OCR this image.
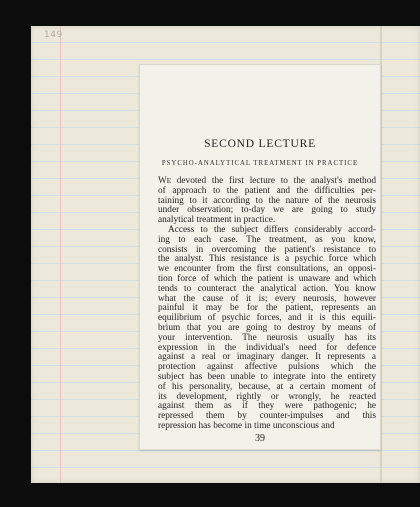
149
SECOND LECTURE
PSYCHO-ANALYTICAL TREATMENT IN PRACTICE
We devoted the first lecture to the analyst's method
of approach to the patient and the difficulties per-
taining to it according to the nature of the neurosis
under observation; to-day we are going to study
analytical treatment in practice.
Access to the subject differs considerably accord-
ing to each case. The treatment, as you know,
consists in overcoming the patient's resistance to
the analyst. This resistance is a psychic force which
we encounter from the first consultations, an opposi-
tion force of which the patient is unaware and which
tends to counteract the analytical action. You know
what the cause of it is; every neurosis, however
painful it may be for the patient, represents an
equilibrium of psychic forces, and it is this equili-
brium that you are going to destroy by means of
your intervention. The neurosis usually has its
expression in the individual's need for defence
against a real or imaginary danger. It represents a
protection against affective pulsions which the
subject has been unable to integrate into the entirety
of his personality, because, at a certain moment of
its development, rightly or wrongly, he reacted
against them as if they were pathogenic; he
repressed them by counter-impulses and this
repression has become in time unconscious and
39
